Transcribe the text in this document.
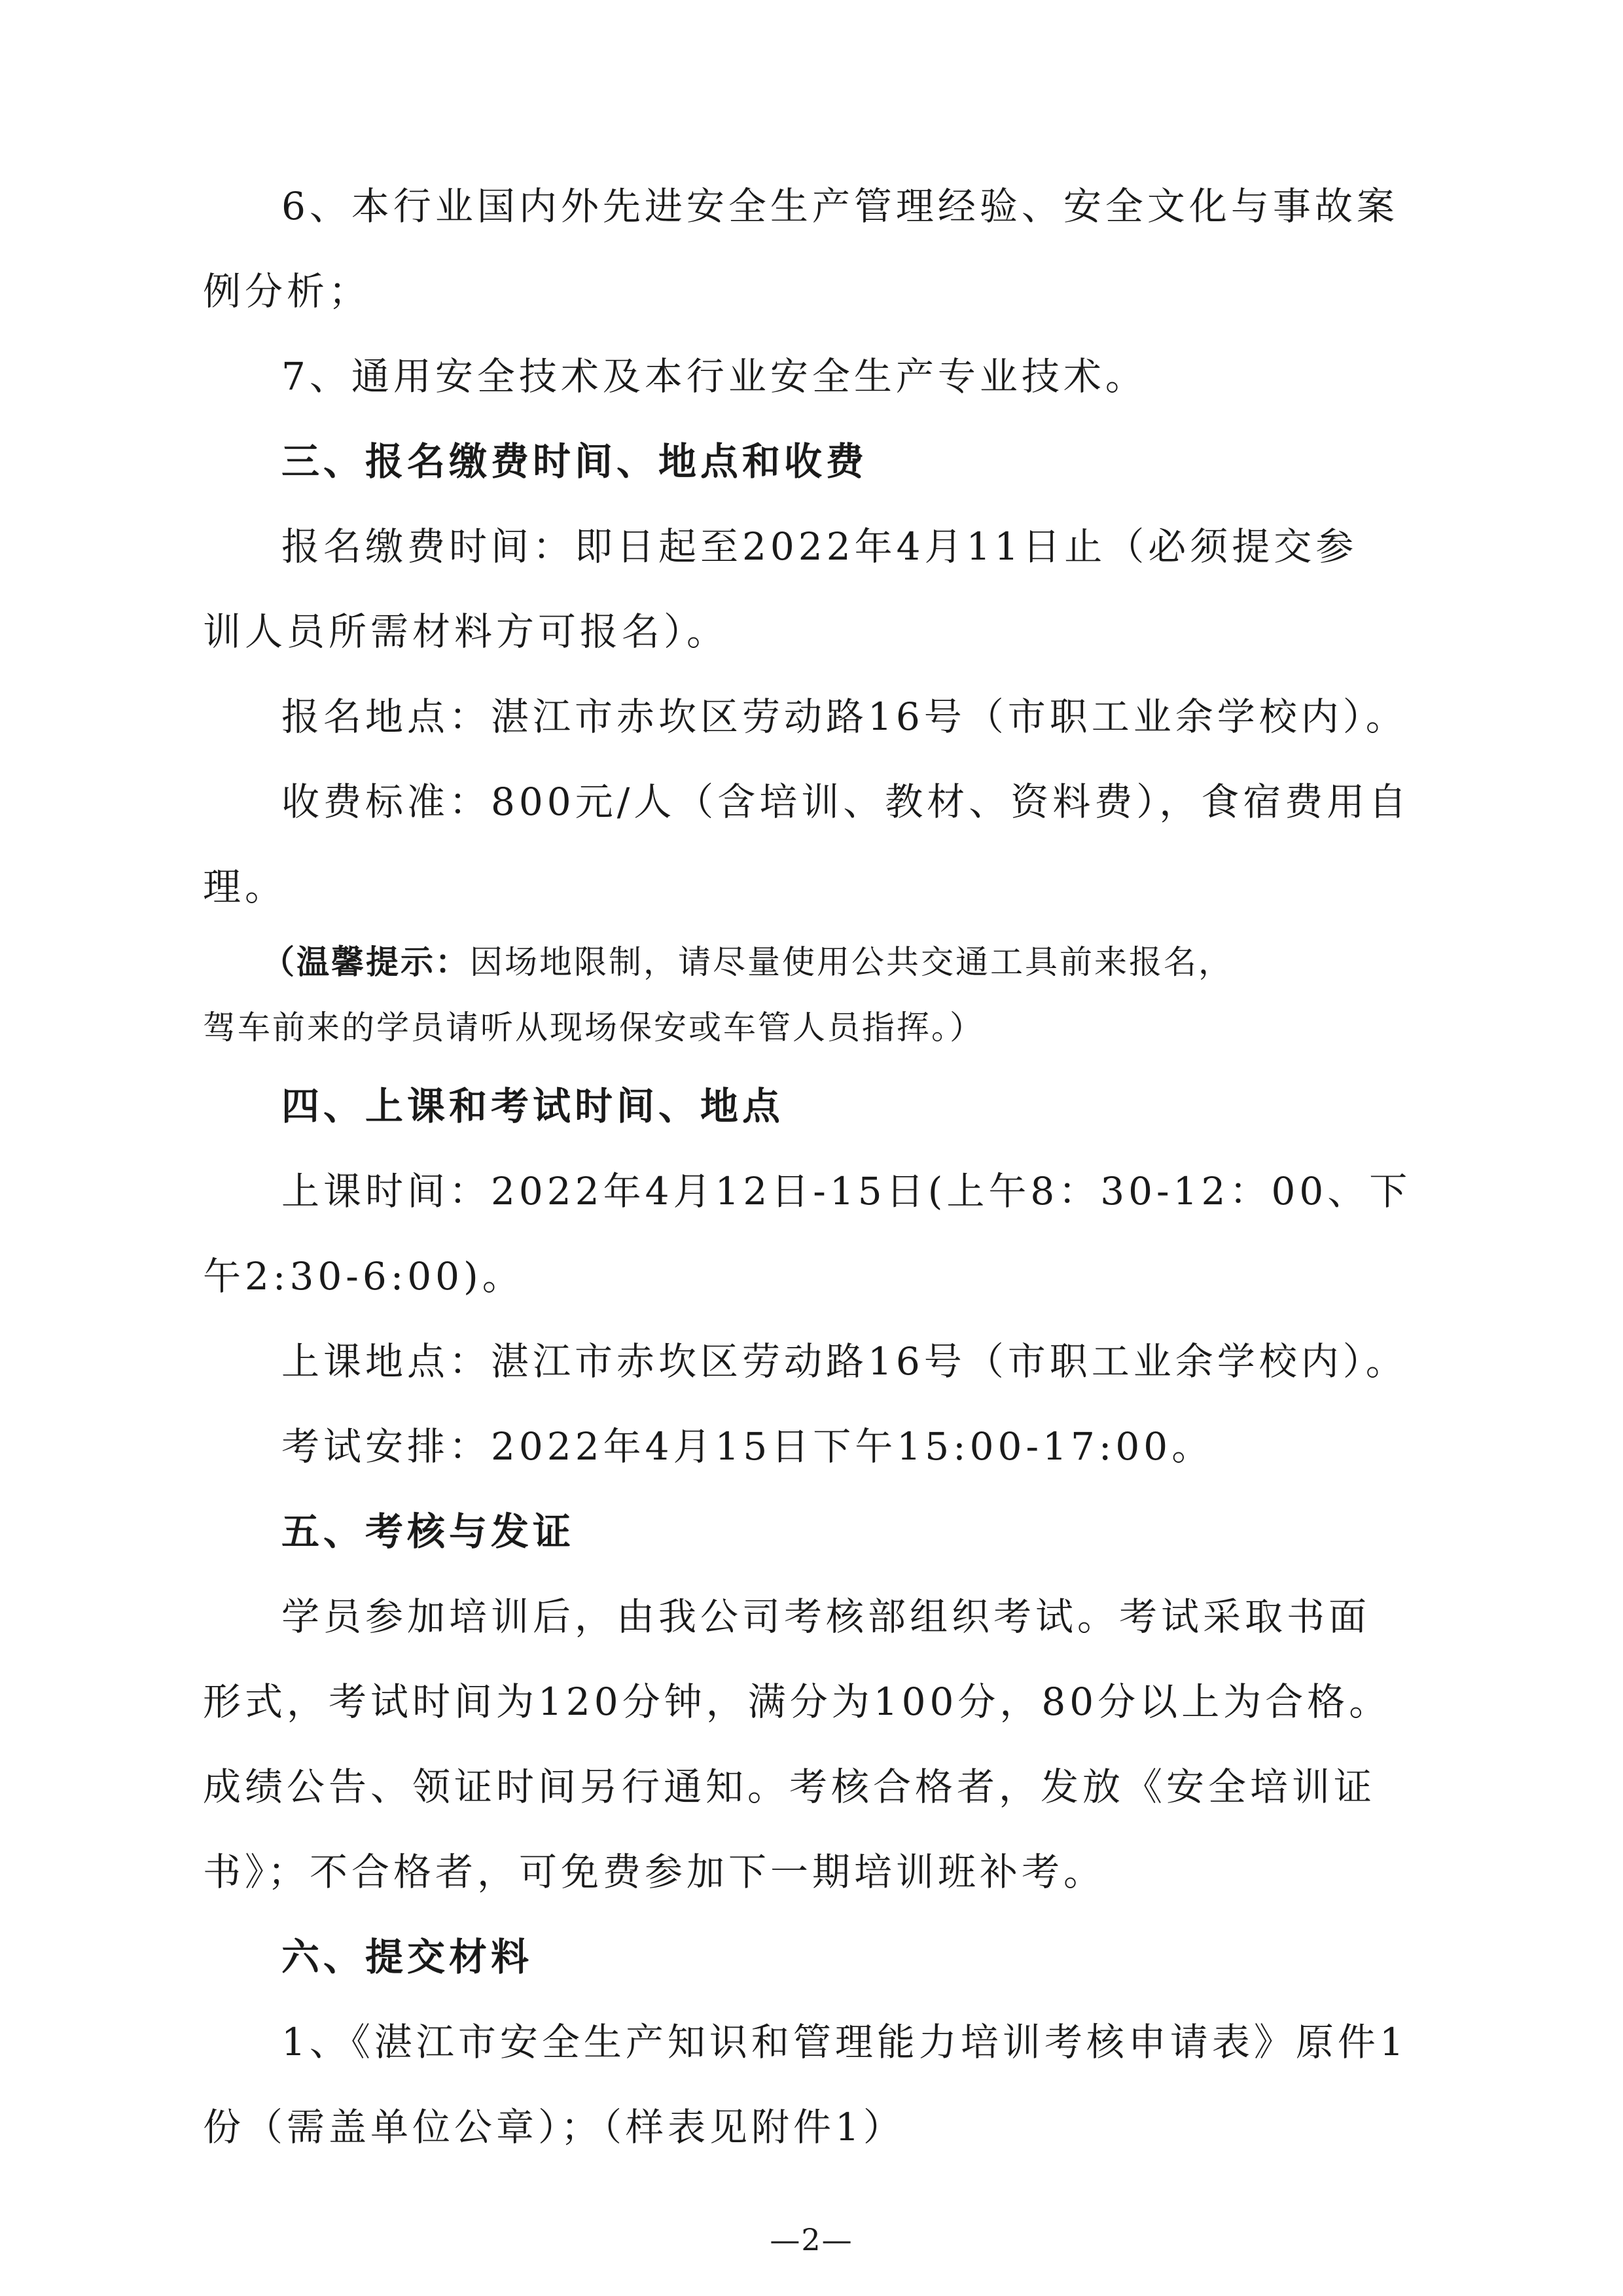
6、本行业国内外先进安全生产管理经验、安全文化与事故案
例分析；
7、通用安全技术及本行业安全生产专业技术。
三、报名缴费时间、地点和收费
报名缴费时间：即日起至2022年4月11日止（必须提交参
训人员所需材料方可报名）。
报名地点：湛江市赤坎区劳动路16号（市职工业余学校内）。
收费标准：800元/人（含培训、教材、资料费），食宿费用自
理。
（温馨提示：因场地限制，请尽量使用公共交通工具前来报名，
驾车前来的学员请听从现场保安或车管人员指挥。）
四、上课和考试时间、地点
上课时间：2022年4月12日-15日(上午8：30-12：00、下
午2:30-6:00)。
上课地点：湛江市赤坎区劳动路16号（市职工业余学校内）。
考试安排：2022年4月15日下午15:00-17:00。
五、考核与发证
学员参加培训后，由我公司考核部组织考试。考试采取书面
形式，考试时间为120分钟，满分为100分，80分以上为合格。
成绩公告、领证时间另行通知。考核合格者，发放《安全培训证
书》；不合格者，可免费参加下一期培训班补考。
六、提交材料
1、《湛江市安全生产知识和管理能力培训考核申请表》原件1
份（需盖单位公章）；（样表见附件1）
—2—
